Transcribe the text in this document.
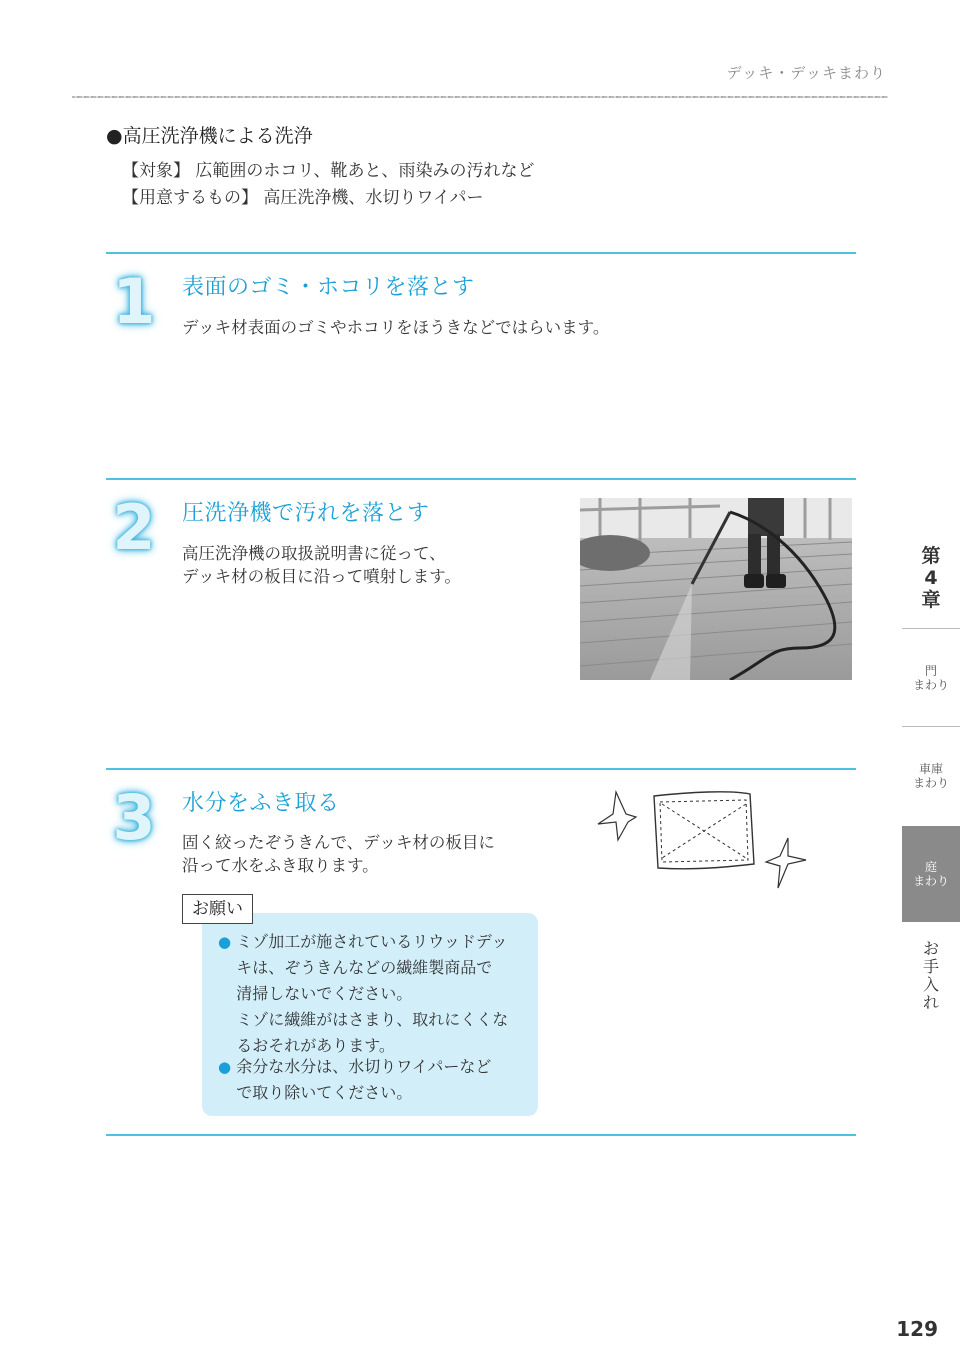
デッキ・デッキまわり
●高圧洗浄機による洗浄
【対象】 広範囲のホコリ、靴あと、雨染みの汚れなど
【用意するもの】 高圧洗浄機、水切りワイパー
1 表面のゴミ・ホコリを落とす
デッキ材表面のゴミやホコリをほうきなどではらいます。
2 圧洗浄機で汚れを落とす
高圧洗浄機の取扱説明書に従って、
デッキ材の板目に沿って噴射します。
3 水分をふき取る
固く絞ったぞうきんで、デッキ材の板目に
沿って水をふき取ります。
お願い
● ミゾ加工が施されているリウッドデッ
キは、ぞうきんなどの繊維製商品で
清掃しないでください。
ミゾに繊維がはさまり、取れにくくな
るおそれがあります。
● 余分な水分は、水切りワイパーなど
で取り除いてください。
第
4
章
門
まわり
車庫
まわり
庭
まわり
お
手
入
れ
129
